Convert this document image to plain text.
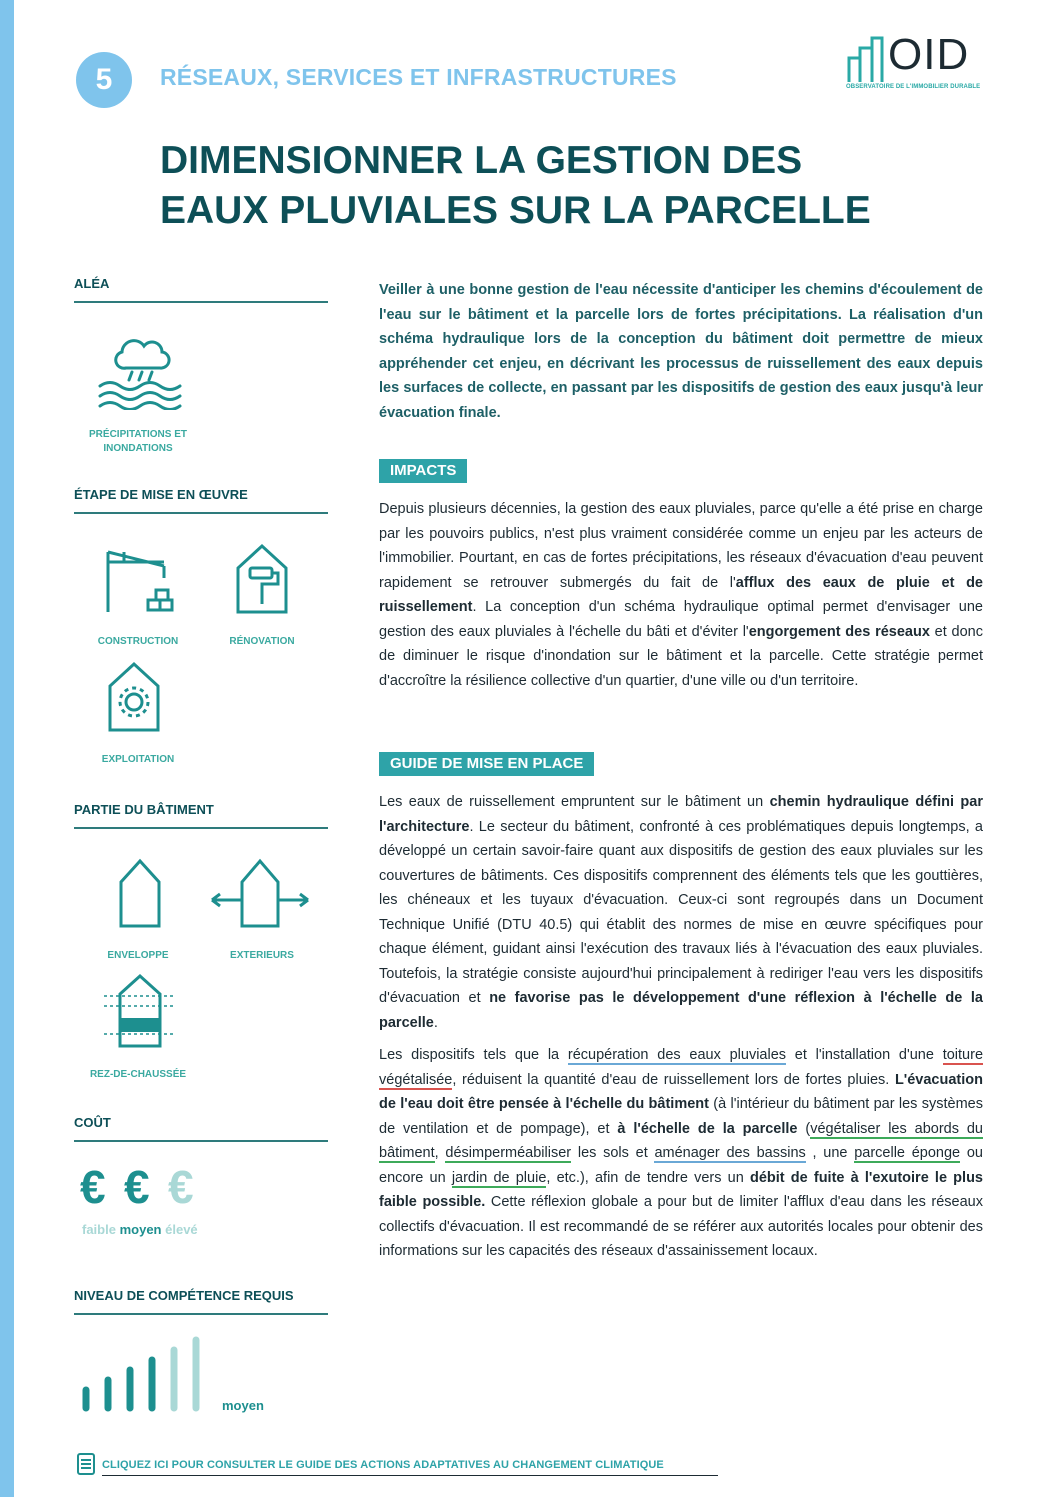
5	RÉSEAUX, SERVICES ET INFRASTRUCTURES	OID
OBSERVATOIRE DE L'IMMOBILIER DURABLE
DIMENSIONNER LA GESTION DES
EAUX PLUVIALES SUR LA PARCELLE
ALÉA
PRÉCIPITATIONS ET
INONDATIONS
ÉTAPE DE MISE EN ŒUVRE
CONSTRUCTION	RÉNOVATION
EXPLOITATION
PARTIE DU BÂTIMENT
ENVELOPPE	EXTERIEURS
REZ-DE-CHAUSSÉE
COÛT
€ € €
faible moyen élevé
NIVEAU DE COMPÉTENCE REQUIS
moyen
Veiller à une bonne gestion de l'eau nécessite d'anticiper les chemins d'écoulement de l'eau sur le bâtiment et la parcelle lors de fortes précipitations. La réalisation d'un schéma hydraulique lors de la conception du bâtiment doit permettre de mieux appréhender cet enjeu, en décrivant les processus de ruissellement des eaux depuis les surfaces de collecte, en passant par les dispositifs de gestion des eaux jusqu'à leur évacuation finale.
IMPACTS
Depuis plusieurs décennies, la gestion des eaux pluviales, parce qu'elle a été prise en charge par les pouvoirs publics, n'est plus vraiment considérée comme un enjeu par les acteurs de l'immobilier. Pourtant, en cas de fortes précipitations, les réseaux d'évacuation d'eau peuvent rapidement se retrouver submergés du fait de l'afflux des eaux de pluie et de ruissellement. La conception d'un schéma hydraulique optimal permet d'envisager une gestion des eaux pluviales à l'échelle du bâti et d'éviter l'engorgement des réseaux et donc de diminuer le risque d'inondation sur le bâtiment et la parcelle. Cette stratégie permet d'accroître la résilience collective d'un quartier, d'une ville ou d'un territoire.
GUIDE DE MISE EN PLACE
Les eaux de ruissellement empruntent sur le bâtiment un chemin hydraulique défini par l'architecture. Le secteur du bâtiment, confronté à ces problématiques depuis longtemps, a développé un certain savoir-faire quant aux dispositifs de gestion des eaux pluviales sur les couvertures de bâtiments. Ces dispositifs comprennent des éléments tels que les gouttières, les chéneaux et les tuyaux d'évacuation. Ceux-ci sont regroupés dans un Document Technique Unifié (DTU 40.5) qui établit des normes de mise en œuvre spécifiques pour chaque élément, guidant ainsi l'exécution des travaux liés à l'évacuation des eaux pluviales. Toutefois, la stratégie consiste aujourd'hui principalement à rediriger l'eau vers les dispositifs d'évacuation et ne favorise pas le développement d'une réflexion à l'échelle de la parcelle.
Les dispositifs tels que la récupération des eaux pluviales et l'installation d'une toiture végétalisée, réduisent la quantité d'eau de ruissellement lors de fortes pluies. L'évacuation de l'eau doit être pensée à l'échelle du bâtiment (à l'intérieur du bâtiment par les systèmes de ventilation et de pompage), et à l'échelle de la parcelle (végétaliser les abords du bâtiment, désimperméabiliser les sols et aménager des bassins , une parcelle éponge ou encore un jardin de pluie, etc.), afin de tendre vers un débit de fuite à l'exutoire le plus faible possible. Cette réflexion globale a pour but de limiter l'afflux d'eau dans les réseaux collectifs d'évacuation. Il est recommandé de se référer aux autorités locales pour obtenir des informations sur les capacités des réseaux d'assainissement locaux.
CLIQUEZ ICI POUR CONSULTER LE GUIDE DES ACTIONS ADAPTATIVES AU CHANGEMENT CLIMATIQUE
